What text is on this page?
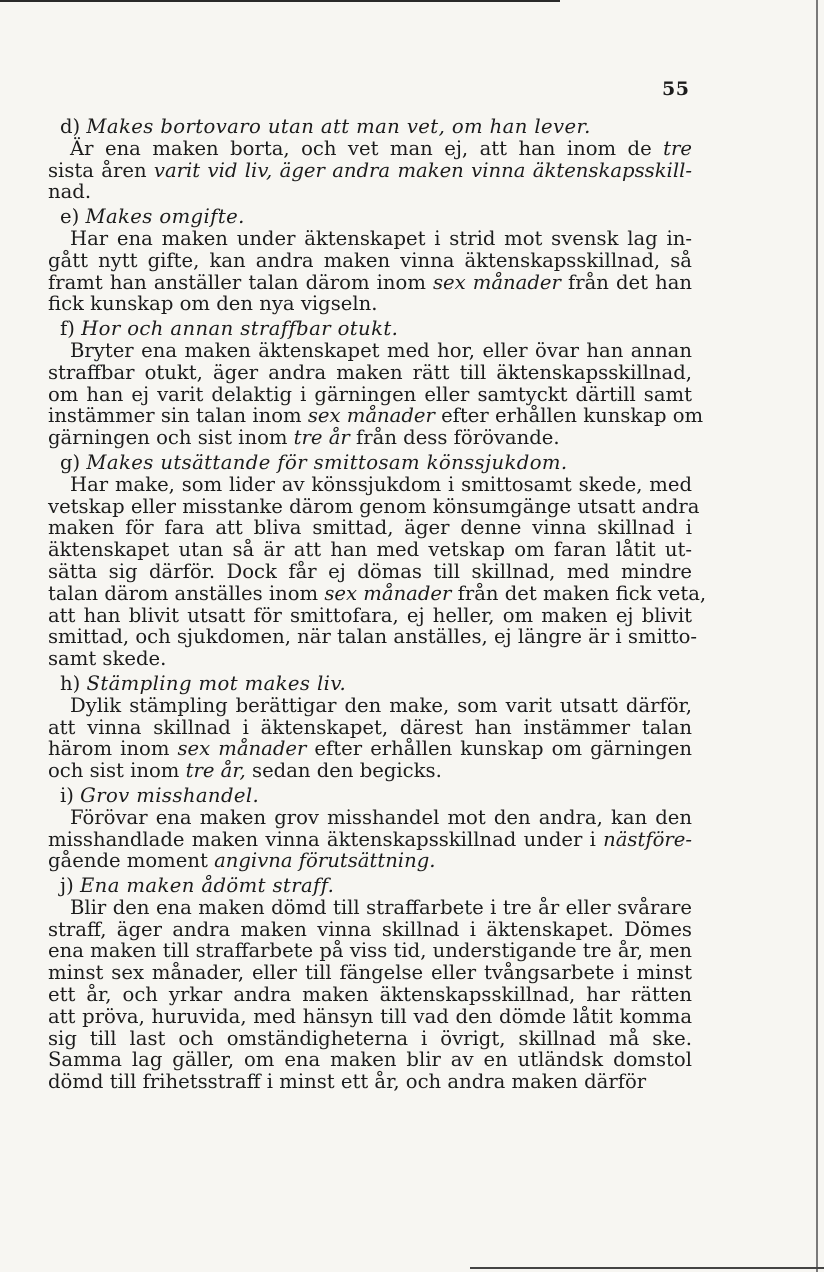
55
d) Makes bortovaro utan att man vet, om han lever.
Är ena maken borta, och vet man ej, att han inom de tre
sista åren varit vid liv, äger andra maken vinna äktenskapsskill-
nad.
e) Makes omgifte.
Har ena maken under äktenskapet i strid mot svensk lag in-
gått nytt gifte, kan andra maken vinna äktenskapsskillnad, så
framt han anställer talan därom inom sex månader från det han
fick kunskap om den nya vigseln.
f) Hor och annan straffbar otukt.
Bryter ena maken äktenskapet med hor, eller övar han annan
straffbar otukt, äger andra maken rätt till äktenskapsskillnad,
om han ej varit delaktig i gärningen eller samtyckt därtill samt
instämmer sin talan inom sex månader efter erhållen kunskap om
gärningen och sist inom tre år från dess förövande.
g) Makes utsättande för smittosam könssjukdom.
Har make, som lider av könssjukdom i smittosamt skede, med
vetskap eller misstanke därom genom könsumgänge utsatt andra
maken för fara att bliva smittad, äger denne vinna skillnad i
äktenskapet utan så är att han med vetskap om faran låtit ut-
sätta sig därför. Dock får ej dömas till skillnad, med mindre
talan därom anställes inom sex månader från det maken fick veta,
att han blivit utsatt för smittofara, ej heller, om maken ej blivit
smittad, och sjukdomen, när talan anställes, ej längre är i smitto-
samt skede.
h) Stämpling mot makes liv.
Dylik stämpling berättigar den make, som varit utsatt därför,
att vinna skillnad i äktenskapet, därest han instämmer talan
härom inom sex månader efter erhållen kunskap om gärningen
och sist inom tre år, sedan den begicks.
i) Grov misshandel.
Förövar ena maken grov misshandel mot den andra, kan den
misshandlade maken vinna äktenskapsskillnad under i nästföre-
gående moment angivna förutsättning.
j) Ena maken ådömt straff.
Blir den ena maken dömd till straffarbete i tre år eller svårare
straff, äger andra maken vinna skillnad i äktenskapet. Dömes
ena maken till straffarbete på viss tid, understigande tre år, men
minst sex månader, eller till fängelse eller tvångsarbete i minst
ett år, och yrkar andra maken äktenskapsskillnad, har rätten
att pröva, huruvida, med hänsyn till vad den dömde låtit komma
sig till last och omständigheterna i övrigt, skillnad må ske.
Samma lag gäller, om ena maken blir av en utländsk domstol
dömd till frihetsstraff i minst ett år, och andra maken därför
